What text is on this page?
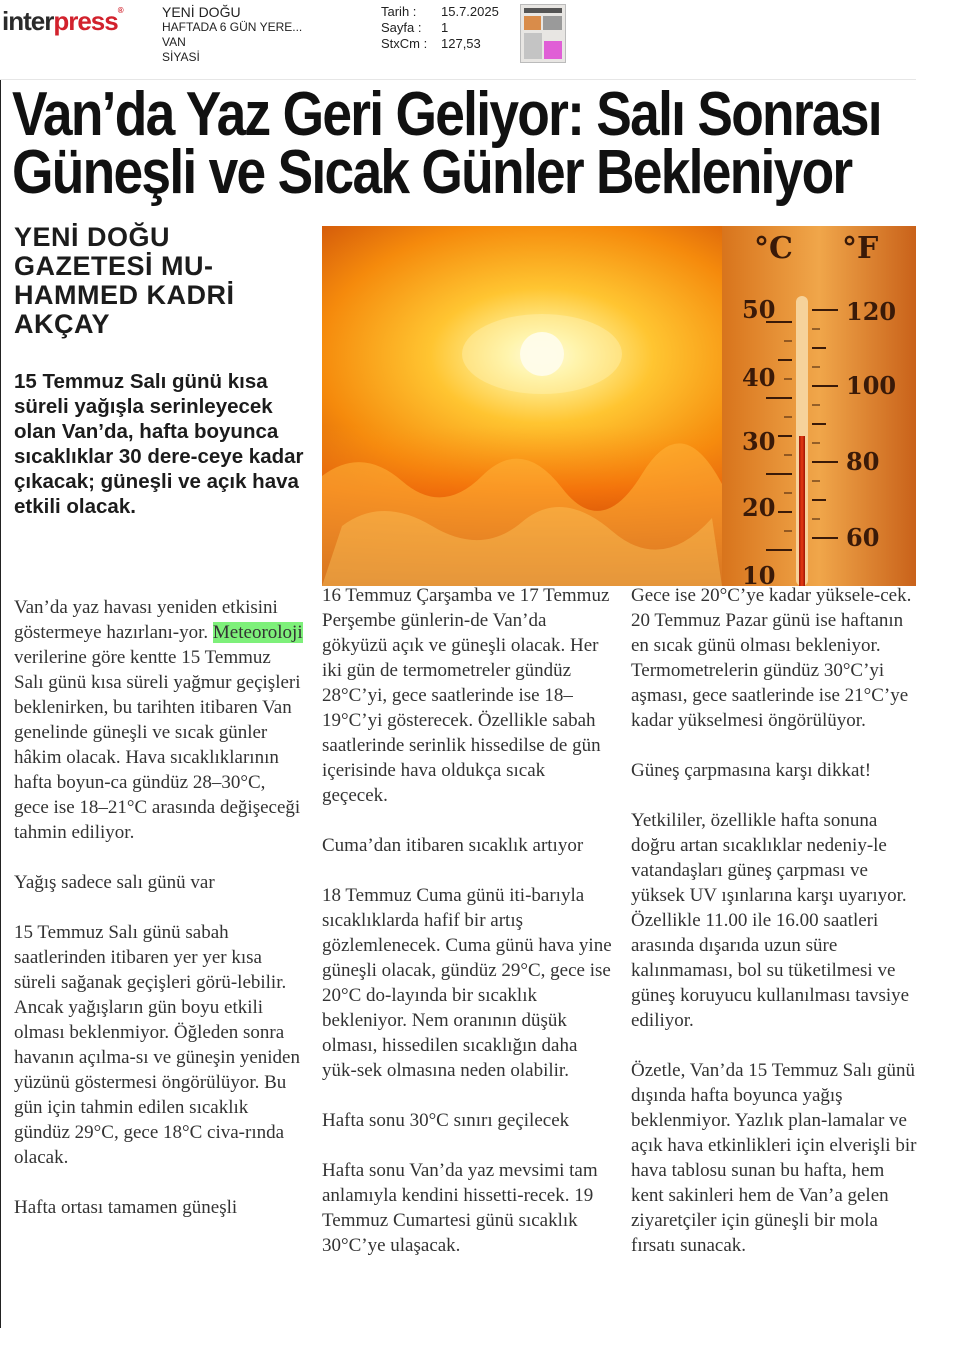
interpress®	YENİ DOĞU
HAFTADA 6 GÜN YERE...
VAN
SİYASİ
Tarih :	15.7.2025
Sayfa :	1
StxCm :	127,53
Van’da Yaz Geri Geliyor: Salı Sonrası
Güneşli ve Sıcak Günler Bekleniyor

YENİ DOĞU GAZETESİ MU-HAMMED KADRİ AKÇAY

15 Temmuz Salı günü kısa süreli yağışla serinleyecek olan Van’da, hafta boyunca sıcaklıklar 30 dere-ceye kadar çıkacak; güneşli ve açık hava etkili olacak.

°C °F
50
40
30
20
10
120
100
80
60

Van’da yaz havası yeniden etkisini göstermeye hazırlanı-yor. Meteoroloji verilerine göre kentte 15 Temmuz Salı günü kısa süreli yağmur geçişleri beklenirken, bu tarihten itibaren Van genelinde güneşli ve sıcak günler hâkim olacak. Hava sıcaklıklarının hafta boyun-ca gündüz 28–30°C, gece ise 18–21°C arasında değişeceği tahmin ediliyor.

Yağış sadece salı günü var

15 Temmuz Salı günü sabah saatlerinden itibaren yer yer kısa süreli sağanak geçişleri görü-lebilir. Ancak yağışların gün boyu etkili olması beklenmiyor. Öğleden sonra havanın açılma-sı ve güneşin yeniden yüzünü göstermesi öngörülüyor. Bu gün için tahmin edilen sıcaklık gündüz 29°C, gece 18°C civa-rında olacak.

Hafta ortası tamamen güneşli

16 Temmuz Çarşamba ve 17 Temmuz Perşembe günlerin-de Van’da gökyüzü açık ve güneşli olacak. Her iki gün de termometreler gündüz 28°C’yi, gece saatlerinde ise 18–19°C’yi gösterecek. Özellikle sabah saatlerinde serinlik hissedilse de gün içerisinde hava oldukça sıcak geçecek.

Cuma’dan itibaren sıcaklık artıyor

18 Temmuz Cuma günü iti-barıyla sıcaklıklarda hafif bir artış gözlemlenecek. Cuma günü hava yine güneşli olacak, gündüz 29°C, gece ise 20°C do-layında bir sıcaklık bekleniyor. Nem oranının düşük olması, hissedilen sıcaklığın daha yük-sek olmasına neden olabilir.

Hafta sonu 30°C sınırı geçilecek

Hafta sonu Van’da yaz mevsimi tam anlamıyla kendini hissetti-recek. 19 Temmuz Cumartesi günü sıcaklık 30°C’ye ulaşacak.

Gece ise 20°C’ye kadar yüksele-cek. 20 Temmuz Pazar günü ise haftanın en sıcak günü olması bekleniyor. Termometrelerin gündüz 30°C’yi aşması, gece saatlerinde ise 21°C’ye kadar yükselmesi öngörülüyor.

Güneş çarpmasına karşı dikkat!

Yetkililer, özellikle hafta sonuna doğru artan sıcaklıklar nedeniy-le vatandaşları güneş çarpması ve yüksek UV ışınlarına karşı uyarıyor. Özellikle 11.00 ile 16.00 saatleri arasında dışarıda uzun süre kalınmaması, bol su tüketilmesi ve güneş koruyucu kullanılması tavsiye ediliyor.

Özetle, Van’da 15 Temmuz Salı günü dışında hafta boyunca yağış beklenmiyor. Yazlık plan-lamalar ve açık hava etkinlikleri için elverişli bir hava tablosu sunan bu hafta, hem kent sakinleri hem de Van’a gelen ziyaretçiler için güneşli bir mola fırsatı sunacak.
